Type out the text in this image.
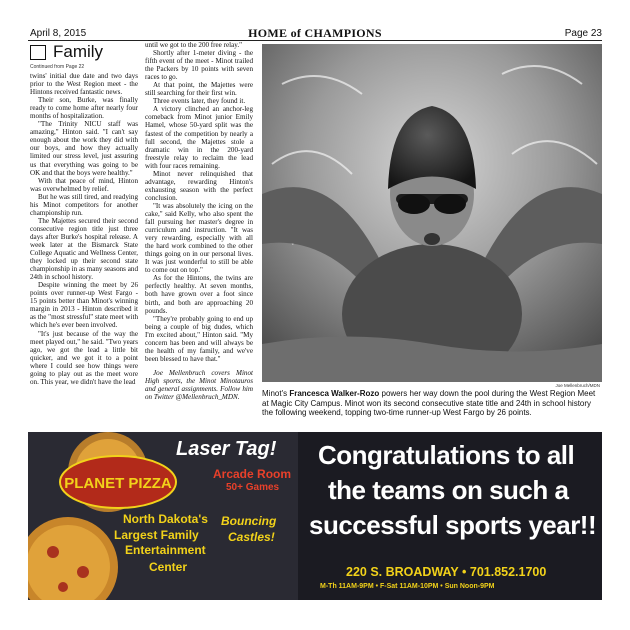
April 8, 2015	HOME of CHAMPIONS	Page 23
Family
Continued from Page 22

twins' initial due date and two days prior to the West Region meet - the Hintons received fantastic news.

Their son, Burke, was finally ready to come home after nearly four months of hospitalization.

"The Trinity NICU staff was amazing," Hinton said. "I can't say enough about the work they did with our boys, and how they actually limited our stress level, just assuring us that everything was going to be OK and that the boys were healthy."

With that peace of mind, Hinton was overwhelmed by relief.

But he was still tired, and readying his Minot competitors for another championship run.

The Majettes secured their second consecutive region title just three days after Burke's hospital release. A week later at the Bismarck State College Aquatic and Wellness Center, they locked up their second state championship in as many seasons and 24th in school history.

Despite winning the meet by 26 points over runner-up West Fargo - 15 points better than Minot's winning margin in 2013 - Hinton described it as the "most stressful" state meet with which he's ever been involved.

"It's just because of the way the meet played out," he said. "Two years ago, we got the lead a little bit quicker, and we got it to a point where I could see how things were going to play out as the meet wore on. This year, we didn't have the lead

until we got to the 200 free relay."

Shortly after 1-meter diving - the fifth event of the meet - Minot trailed the Packers by 10 points with seven races to go.

At that point, the Majettes were still searching for their first win.

Three events later, they found it.

A victory clinched an anchor-leg comeback from Minot junior Emily Hamel, whose 50-yard split was the fastest of the competition by nearly a full second, the Majettes stole a dramatic win in the 200-yard freestyle relay to reclaim the lead with four races remaining.

Minot never relinquished that advantage, rewarding Hinton's exhausting season with the perfect conclusion.

"It was absolutely the icing on the cake," said Kelly, who also spent the fall pursuing her master's degree in curriculum and instruction. "It was very rewarding, especially with all the hard work combined to the other things going on in our personal lives. It was just wonderful to still be able to come out on top."

As for the Hintons, the twins are perfectly healthy. At seven months, both have grown over a foot since birth, and both are approaching 20 pounds.

"They're probably going to end up being a couple of big dudes, which I'm excited about," Hinton said. "My concern has been and will always be the health of my family, and we've been blessed to have that."

Joe Mellenbruch covers Minot High sports, the Minot Minotauros and general assignments. Follow him on Twitter @Mellenbruch_MDN.

Joe Mellenbruch/MDN
Minot's Francesca Walker-Rozo powers her way down the pool during the West Region Meet at Magic City Campus. Minot won its second consecutive state title and 24th in school history the following weekend, topping two-time runner-up West Fargo by 26 points.
PLANET PIZZA
Laser Tag!
Arcade Room
50+ Games
North Dakota's
Largest Family
Entertainment
Center
Bouncing
Castles!
Congratulations to all
the teams on such a
successful sports year!!
220 S. BROADWAY • 701.852.1700
M-Th 11AM-9PM • F-Sat 11AM-10PM • Sun Noon-9PM
